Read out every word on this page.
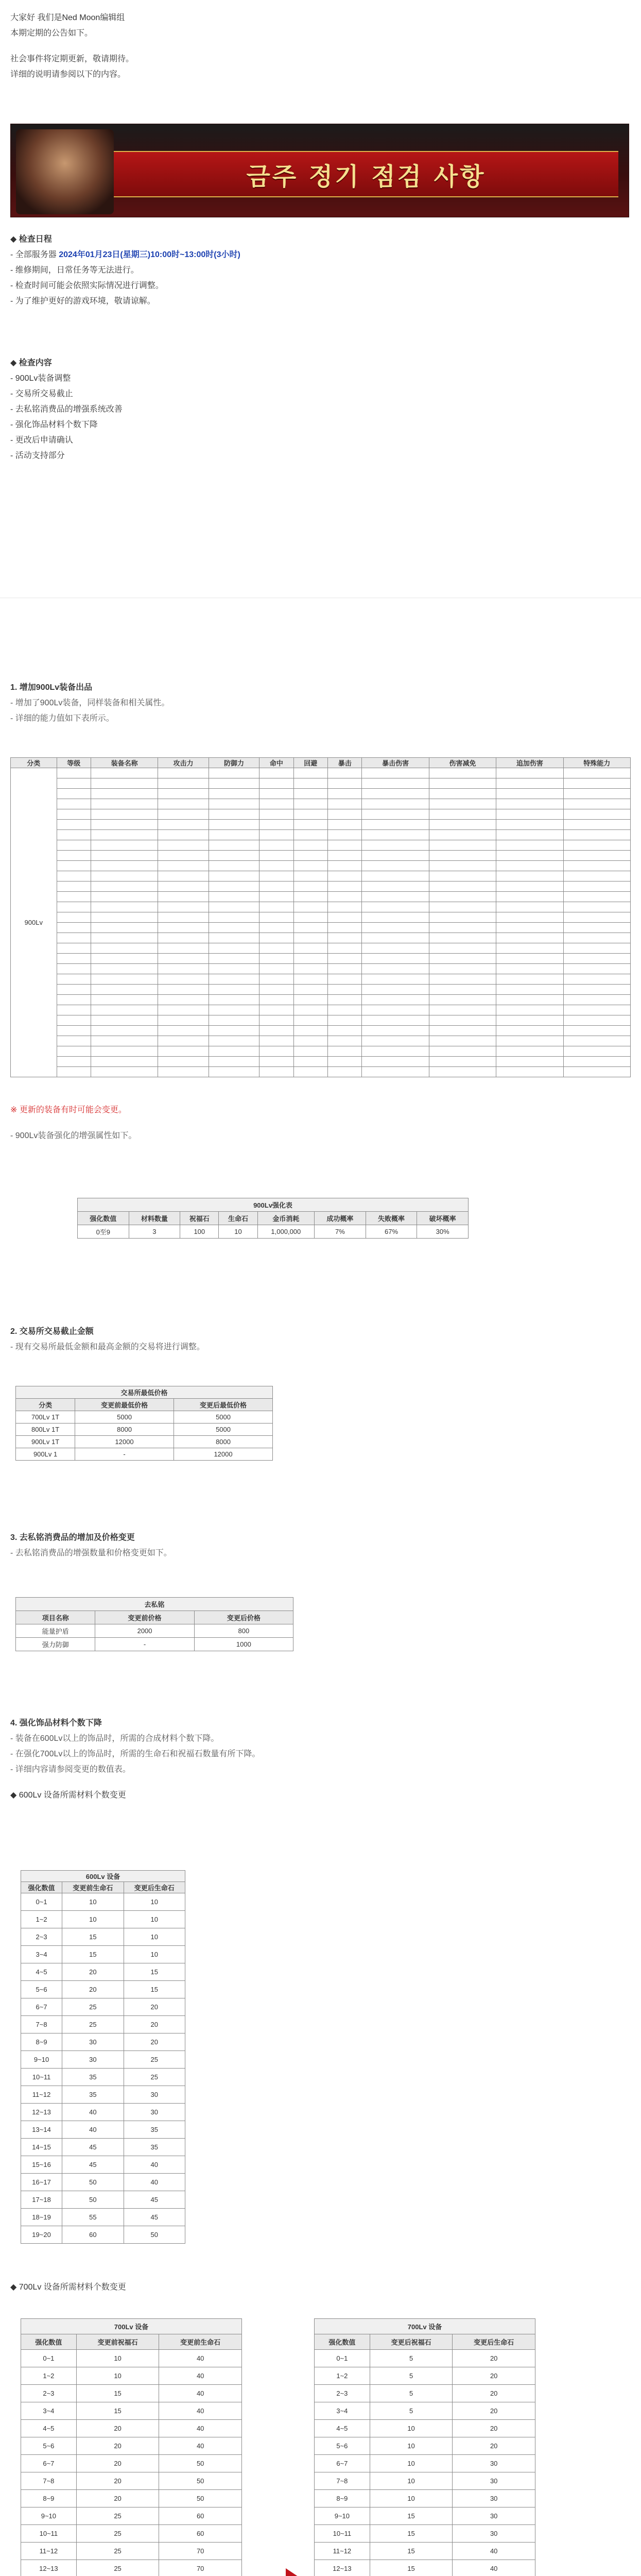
大家好 我们是Ned Moon编辑组

本期定期的公告如下。

社会事件将定期更新，敬请期待。

详细的说明请参阅以下的内容。

금주 정기 점검 사항

◆ 检查日程

- 全部服务器 2024年01月23日(星期三)10:00时~13:00时(3小时)

- 维修期间，日常任务等无法进行。

- 检查时间可能会依照实际情况进行调整。

- 为了维护更好的游戏环境，敬请谅解。

◆ 检查内容

- 900Lv装备调整

- 交易所交易截止

- 去私铭消费品的增强系统改善

- 强化饰品材料个数下降

- 更改后申请确认

- 活动支持部分

1. 增加900Lv装备出品

- 增加了900Lv装备，同样装备和相关属性。

- 详细的能力值如下表所示。

分类	等级	装备名称	攻击力	防御力	命中	回避	暴击	暴击伤害	伤害减免	追加伤害	特殊能力
900Lv											

※ 更新的装备有时可能会变更。

- 900Lv装备强化的增强属性如下。

900Lv强化表							
强化数值	材料数量	祝福石	生命石	金币消耗	成功概率	失败概率	破坏概率
0至9	3	100	10	1,000,000	7%	67%	30%

2. 交易所交易截止金额

- 现有交易所最低金额和最高金额的交易将进行调整。

交易所最低价格		
分类	变更前最低价格	变更后最低价格
700Lv 1T	5000	5000
800Lv 1T	8000	5000
900Lv 1T	12000	8000
900Lv 1	-	12000

3. 去私铭消费品的增加及价格变更

- 去私铭消费品的增强数量和价格变更如下。

去私铭		
项目名称	变更前价格	变更后价格
能量护盾	2000	800
强力防御	-	1000

4. 强化饰品材料个数下降

- 装备在600Lv以上的饰品时，所需的合成材料个数下降。

- 在强化700Lv以上的饰品时，所需的生命石和祝福石数量有所下降。

- 详细内容请参阅变更的数值表。

◆ 600Lv 设备所需材料个数变更

600Lv 设备		
强化数值	变更前生命石	变更后生命石
0~1	10	10
1~2	10	10
2~3	15	10
3~4	15	10
4~5	20	15
5~6	20	15
6~7	25	20
7~8	25	20
8~9	30	20
9~10	30	25
10~11	35	25
11~12	35	30
12~13	40	30
13~14	40	35
14~15	45	35
15~16	45	40
16~17	50	40
17~18	50	45
18~19	55	45
19~20	60	50

◆ 700Lv 设备所需材料个数变更

700Lv 设备		
强化数值	变更前祝福石	变更前生命石
0~1	10	40
1~2	10	40
2~3	15	40
3~4	15	40
4~5	20	40
5~6	20	40
6~7	20	50
7~8	20	50
8~9	20	50
9~10	25	60
10~11	25	60
11~12	25	70
12~13	25	70

700Lv 设备		
强化数值	变更后祝福石	变更后生命石
0~1	5	20
1~2	5	20
2~3	5	20
3~4	5	20
4~5	10	20
5~6	10	20
6~7	10	30
7~8	10	30
8~9	10	30
9~10	15	30
10~11	15	30
11~12	15	40
12~13	15	40
